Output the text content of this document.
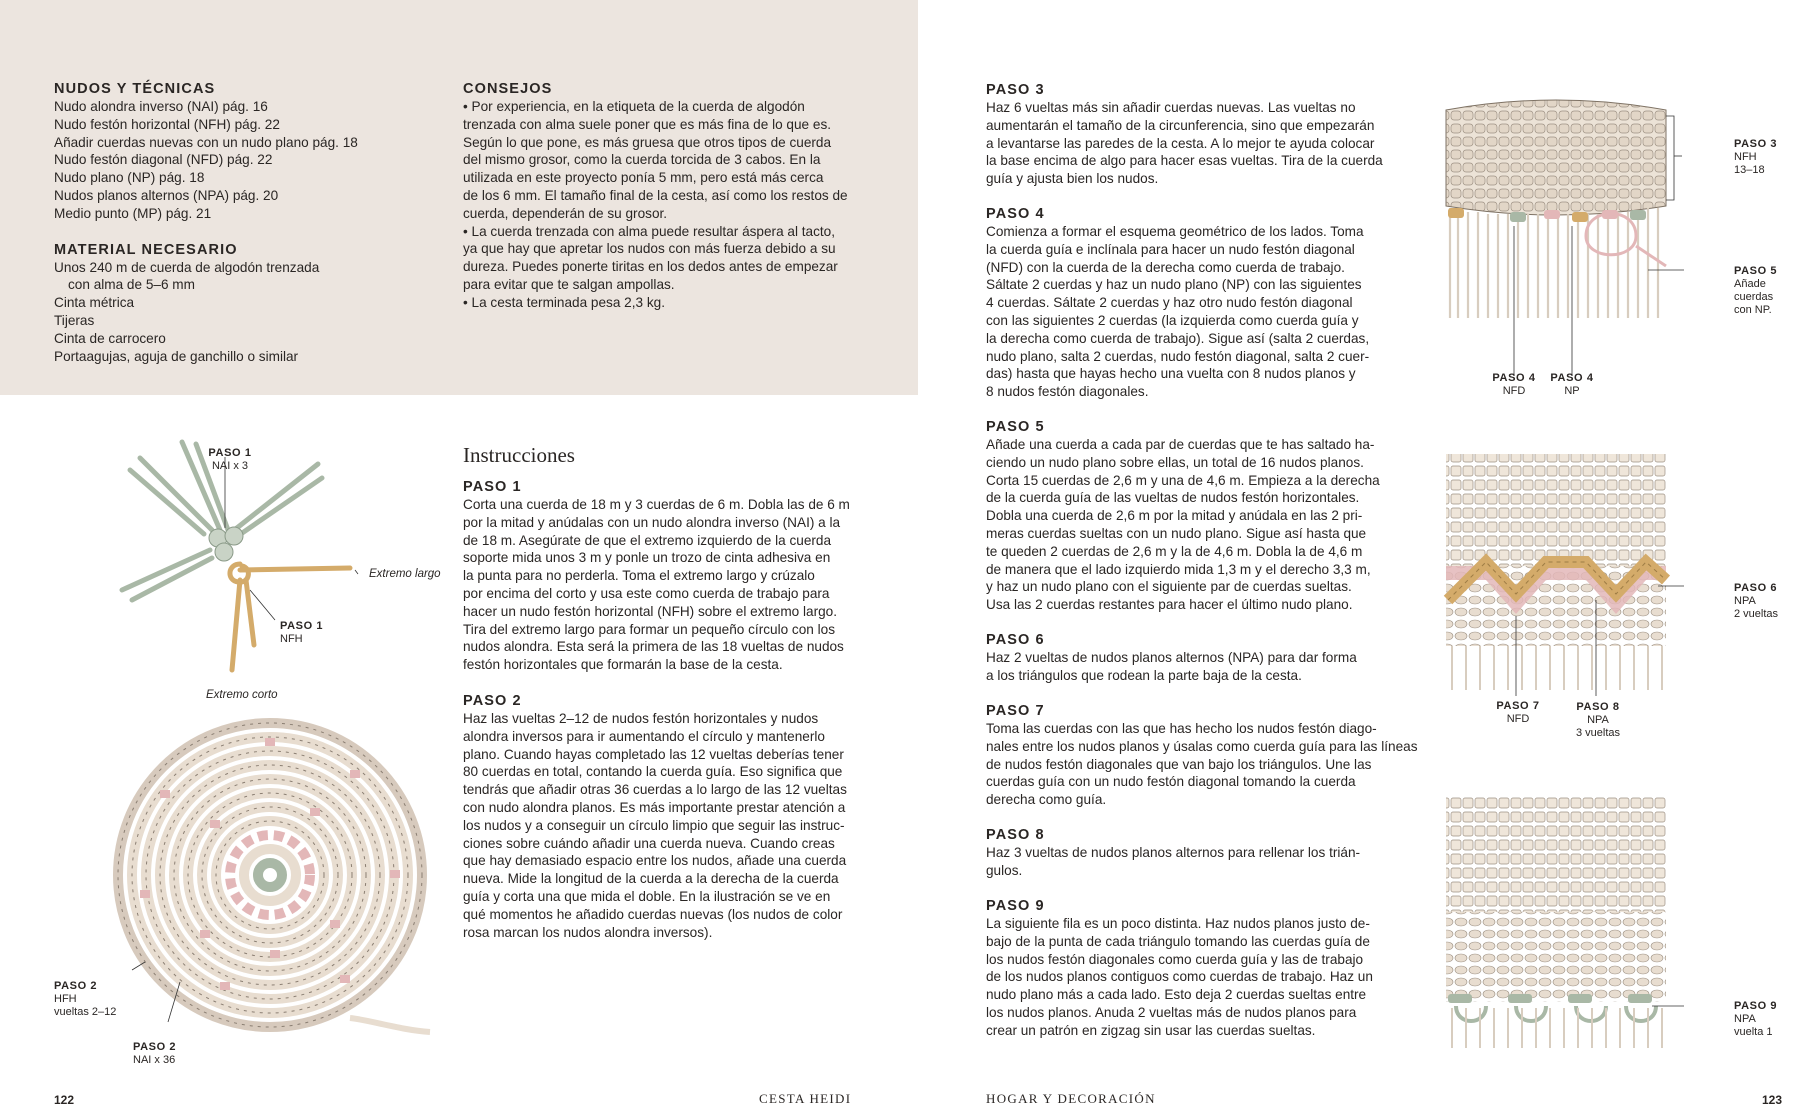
NUDOS Y TÉCNICAS
Nudo alondra inverso (NAI) pág. 16
Nudo festón horizontal (NFH) pág. 22
Añadir cuerdas nuevas con un nudo plano pág. 18
Nudo festón diagonal (NFD) pág. 22
Nudo plano (NP) pág. 18
Nudos planos alternos (NPA) pág. 20
Medio punto (MP) pág. 21
MATERIAL NECESARIO
Unos 240 m de cuerda de algodón trenzada
con alma de 5–6 mm
Cinta métrica
Tijeras
Cinta de carrocero
Portaagujas, aguja de ganchillo o similar
CONSEJOS
• Por experiencia, en la etiqueta de la cuerda de algodón
trenzada con alma suele poner que es más fina de lo que es.
Según lo que pone, es más gruesa que otros tipos de cuerda
del mismo grosor, como la cuerda torcida de 3 cabos. En la
utilizada en este proyecto ponía 5 mm, pero está más cerca
de los 6 mm. El tamaño final de la cesta, así como los restos de
cuerda, dependerán de su grosor.
• La cuerda trenzada con alma puede resultar áspera al tacto,
ya que hay que apretar los nudos con más fuerza debido a su
dureza. Puedes ponerte tiritas en los dedos antes de empezar
para evitar que te salgan ampollas.
• La cesta terminada pesa 2,3 kg.
Instrucciones
PASO 1
Corta una cuerda de 18 m y 3 cuerdas de 6 m. Dobla las de 6 m
por la mitad y anúdalas con un nudo alondra inverso (NAI) a la
de 18 m. Asegúrate de que el extremo izquierdo de la cuerda
soporte mida unos 3 m y ponle un trozo de cinta adhesiva en
la punta para no perderla. Toma el extremo largo y crúzalo
por encima del corto y usa este como cuerda de trabajo para
hacer un nudo festón horizontal (NFH) sobre el extremo largo.
Tira del extremo largo para formar un pequeño círculo con los
nudos alondra. Esta será la primera de las 18 vueltas de nudos
festón horizontales que formarán la base de la cesta.
PASO 2
Haz las vueltas 2–12 de nudos festón horizontales y nudos
alondra inversos para ir aumentando el círculo y mantenerlo
plano. Cuando hayas completado las 12 vueltas deberías tener
80 cuerdas en total, contando la cuerda guía. Eso significa que
tendrás que añadir otras 36 cuerdas a lo largo de las 12 vueltas
con nudo alondra planos. Es más importante prestar atención a
los nudos y a conseguir un círculo limpio que seguir las instruc-
ciones sobre cuándo añadir una cuerda nueva. Cuando creas
que hay demasiado espacio entre los nudos, añade una cuerda
nueva. Mide la longitud de la cuerda a la derecha de la cuerda
guía y corta una que mida el doble. En la ilustración se ve en
qué momentos he añadido cuerdas nuevas (los nudos de color
rosa marcan los nudos alondra inversos).
PASO 1
NAI x 3
PASO 1
NFH
Extremo largo
Extremo corto
PASO 2
HFH
vueltas 2–12
PASO 2
NAI x 36
122	CESTA HEIDI
PASO 3
Haz 6 vueltas más sin añadir cuerdas nuevas. Las vueltas no
aumentarán el tamaño de la circunferencia, sino que empezarán
a levantarse las paredes de la cesta. A lo mejor te ayuda colocar
la base encima de algo para hacer esas vueltas. Tira de la cuerda
guía y ajusta bien los nudos.
PASO 4
Comienza a formar el esquema geométrico de los lados. Toma
la cuerda guía e inclínala para hacer un nudo festón diagonal
(NFD) con la cuerda de la derecha como cuerda de trabajo.
Sáltate 2 cuerdas y haz un nudo plano (NP) con las siguientes
4 cuerdas. Sáltate 2 cuerdas y haz otro nudo festón diagonal
con las siguientes 2 cuerdas (la izquierda como cuerda guía y
la derecha como cuerda de trabajo). Sigue así (salta 2 cuerdas,
nudo plano, salta 2 cuerdas, nudo festón diagonal, salta 2 cuer-
das) hasta que hayas hecho una vuelta con 8 nudos planos y
8 nudos festón diagonales.
PASO 5
Añade una cuerda a cada par de cuerdas que te has saltado ha-
ciendo un nudo plano sobre ellas, un total de 16 nudos planos.
Corta 15 cuerdas de 2,6 m y una de 4,6 m. Empieza a la derecha
de la cuerda guía de las vueltas de nudos festón horizontales.
Dobla una cuerda de 2,6 m por la mitad y anúdala en las 2 pri-
meras cuerdas sueltas con un nudo plano. Sigue así hasta que
te queden 2 cuerdas de 2,6 m y la de 4,6 m. Dobla la de 4,6 m
de manera que el lado izquierdo mida 1,3 m y el derecho 3,3 m,
y haz un nudo plano con el siguiente par de cuerdas sueltas.
Usa las 2 cuerdas restantes para hacer el último nudo plano.
PASO 6
Haz 2 vueltas de nudos planos alternos (NPA) para dar forma
a los triángulos que rodean la parte baja de la cesta.
PASO 7
Toma las cuerdas con las que has hecho los nudos festón diago-
nales entre los nudos planos y úsalas como cuerda guía para las líneas
de nudos festón diagonales que van bajo los triángulos. Une las
cuerdas guía con un nudo festón diagonal tomando la cuerda
derecha como guía.
PASO 8
Haz 3 vueltas de nudos planos alternos para rellenar los trián-
gulos.
PASO 9
La siguiente fila es un poco distinta. Haz nudos planos justo de-
bajo de la punta de cada triángulo tomando las cuerdas guía de
los nudos festón diagonales como cuerda guía y las de trabajo
de los nudos planos contiguos como cuerdas de trabajo. Haz un
nudo plano más a cada lado. Esto deja 2 cuerdas sueltas entre
los nudos planos. Anuda 2 vueltas más de nudos planos para
crear un patrón en zigzag sin usar las cuerdas sueltas.
PASO 3
NFH
13–18
PASO 5
Añade
cuerdas
con NP.
PASO 4
NFD
PASO 4
NP
PASO 6
NPA
2 vueltas
PASO 7
NFD
PASO 8
NPA
3 vueltas
PASO 9
NPA
vuelta 1
HOGAR Y DECORACIÓN	123
